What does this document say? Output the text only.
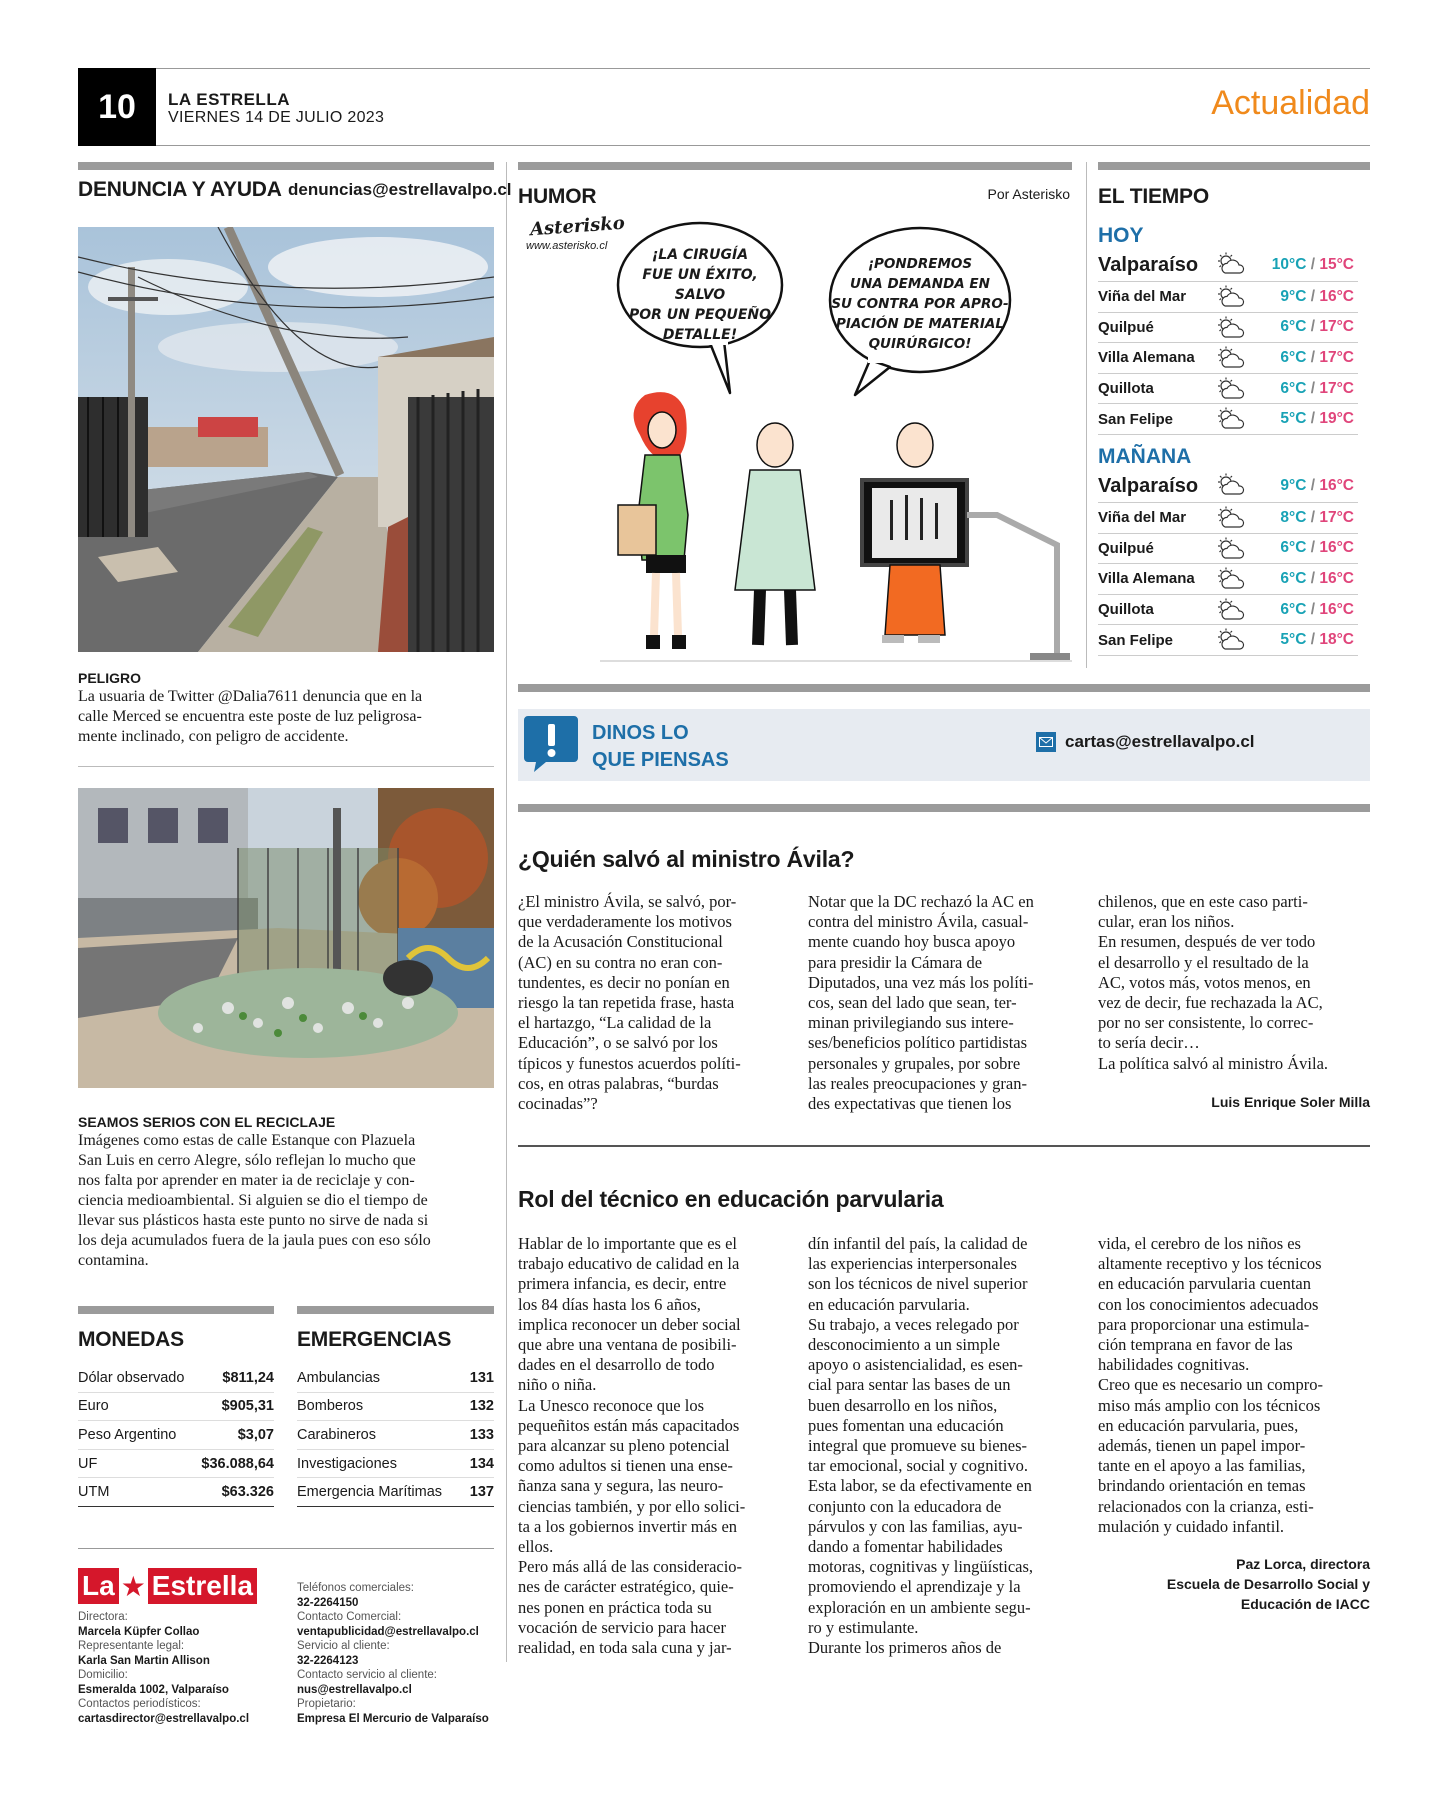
10	LA ESTRELLA
VIERNES 14 DE JULIO 2023	Actualidad
DENUNCIA Y AYUDA denuncias@estrellavalpo.cl
PELIGRO
La usuaria de Twitter @Dalia7611 denuncia que en la
calle Merced se encuentra este poste de luz peligrosa-
mente inclinado, con peligro de accidente.
SEAMOS SERIOS CON EL RECICLAJE
Imágenes como estas de calle Estanque con Plazuela
San Luis en cerro Alegre, sólo reflejan lo mucho que
nos falta por aprender en mater ia de reciclaje y con-
ciencia medioambiental. Si alguien se dio el tiempo de
llevar sus plásticos hasta este punto no sirve de nada si
los deja acumulados fuera de la jaula pues con eso sólo
contamina.
MONEDAS
Dólar observado	$811,24
Euro	$905,31
Peso Argentino	$3,07
UF	$36.088,64
UTM	$63.326
EMERGENCIAS
Ambulancias	131
Bomberos	132
Carabineros	133
Investigaciones	134
Emergencia Marítimas 137
La ★ Estrella
Directora:
Marcela Küpfer Collao
Representante legal:
Karla San Martin Allison
Domicilio:
Esmeralda 1002, Valparaíso
Contactos periodísticos:
cartasdirector@estrellavalpo.cl
Teléfonos comerciales:
32-2264150
Contacto Comercial:
ventapublicidad@estrellavalpo.cl
Servicio al cliente:
32-2264123
Contacto servicio al cliente:
nus@estrellavalpo.cl
Propietario:
Empresa El Mercurio de Valparaíso
HUMOR	Por Asterisko
Asterisko
www.asterisko.cl
¡LA CIRUGÍA
FUE UN ÉXITO, SALVO
POR UN PEQUEÑO
DETALLE!
¡PONDREMOS
UNA DEMANDA EN
SU CONTRA POR APRO-
PIACIÓN DE MATERIAL
QUIRÚRGICO!
EL TIEMPO
HOY
Valparaíso	10°C / 15°C
Viña del Mar	9°C / 16°C
Quilpué	6°C / 17°C
Villa Alemana	6°C / 17°C
Quillota	6°C / 17°C
San Felipe	5°C / 19°C
MAÑANA
Valparaíso	9°C / 16°C
Viña del Mar	8°C / 17°C
Quilpué	6°C / 16°C
Villa Alemana	6°C / 16°C
Quillota	6°C / 16°C
San Felipe	5°C / 18°C
DINOS LO
QUE PIENSAS
cartas@estrellavalpo.cl
¿Quién salvó al ministro Ávila?
¿El ministro Ávila, se salvó, por-
que verdaderamente los motivos
de la Acusación Constitucional
(AC) en su contra no eran con-
tundentes, es decir no ponían en
riesgo la tan repetida frase, hasta
el hartazgo, “La calidad de la
Educación”, o se salvó por los
típicos y funestos acuerdos políti-
cos, en otras palabras, “burdas
cocinadas”?
Notar que la DC rechazó la AC en
contra del ministro Ávila, casual-
mente cuando hoy busca apoyo
para presidir la Cámara de
Diputados, una vez más los políti-
cos, sean del lado que sean, ter-
minan privilegiando sus intere-
ses/beneficios político partidistas
personales y grupales, por sobre
las reales preocupaciones y gran-
des expectativas que tienen los
chilenos, que en este caso parti-
cular, eran los niños.
En resumen, después de ver todo
el desarrollo y el resultado de la
AC, votos más, votos menos, en
vez de decir, fue rechazada la AC,
por no ser consistente, lo correc-
to sería decir…
La política salvó al ministro Ávila.
Luis Enrique Soler Milla
Rol del técnico en educación parvularia
Hablar de lo importante que es el
trabajo educativo de calidad en la
primera infancia, es decir, entre
los 84 días hasta los 6 años,
implica reconocer un deber social
que abre una ventana de posibili-
dades en el desarrollo de todo
niño o niña.
La Unesco reconoce que los
pequeñitos están más capacitados
para alcanzar su pleno potencial
como adultos si tienen una ense-
ñanza sana y segura, las neuro-
ciencias también, y por ello solici-
ta a los gobiernos invertir más en
ellos.
Pero más allá de las consideracio-
nes de carácter estratégico, quie-
nes ponen en práctica toda su
vocación de servicio para hacer
realidad, en toda sala cuna y jar-
dín infantil del país, la calidad de
las experiencias interpersonales
son los técnicos de nivel superior
en educación parvularia.
Su trabajo, a veces relegado por
desconocimiento a un simple
apoyo o asistencialidad, es esen-
cial para sentar las bases de un
buen desarrollo en los niños,
pues fomentan una educación
integral que promueve su bienes-
tar emocional, social y cognitivo.
Esta labor, se da efectivamente en
conjunto con la educadora de
párvulos y con las familias, ayu-
dando a fomentar habilidades
motoras, cognitivas y lingüísticas,
promoviendo el aprendizaje y la
exploración en un ambiente segu-
ro y estimulante.
Durante los primeros años de
vida, el cerebro de los niños es
altamente receptivo y los técnicos
en educación parvularia cuentan
con los conocimientos adecuados
para proporcionar una estimula-
ción temprana en favor de las
habilidades cognitivas.
Creo que es necesario un compro-
miso más amplio con los técnicos
en educación parvularia, pues,
además, tienen un papel impor-
tante en el apoyo a las familias,
brindando orientación en temas
relacionados con la crianza, esti-
mulación y cuidado infantil.
Paz Lorca, directora
Escuela de Desarrollo Social y
Educación de IACC
